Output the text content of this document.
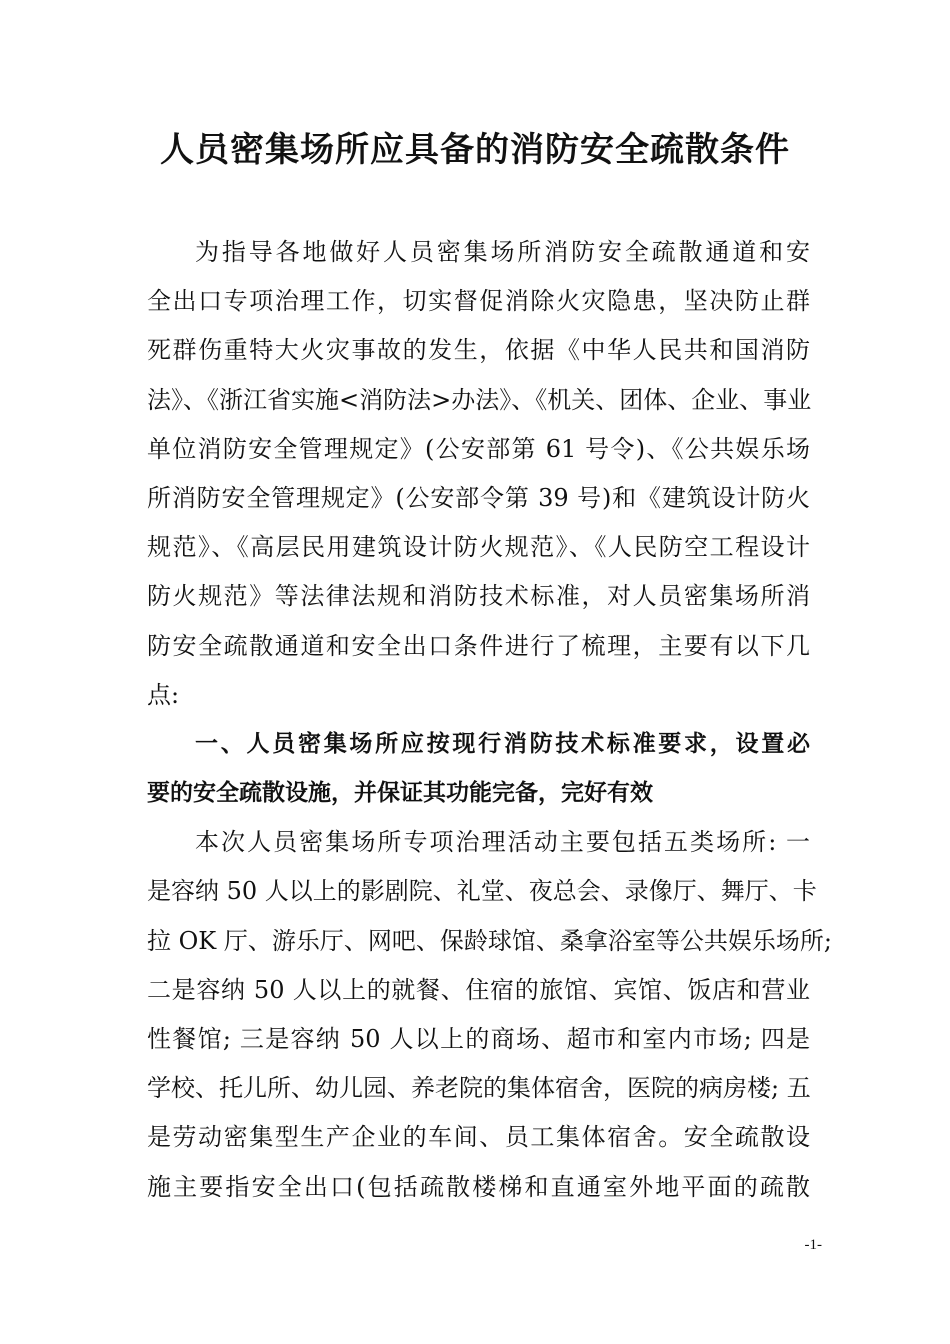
人员密集场所应具备的消防安全疏散条件
为指导各地做好人员密集场所消防安全疏散通道和安
全出口专项治理工作，切实督促消除火灾隐患，坚决防止群
死群伤重特大火灾事故的发生，依据《中华人民共和国消防
法》、《浙江省实施<消防法>办法》、《机关、团体、企业、事业
单位消防安全管理规定》(公安部第 61 号令)、《公共娱乐场
所消防安全管理规定》(公安部令第 39 号)和《建筑设计防火
规范》、《高层民用建筑设计防火规范》、《人民防空工程设计
防火规范》等法律法规和消防技术标准，对人员密集场所消
防安全疏散通道和安全出口条件进行了梳理，主要有以下几
点:
一、人员密集场所应按现行消防技术标准要求，设置必
要的安全疏散设施，并保证其功能完备，完好有效
本次人员密集场所专项治理活动主要包括五类场所: 一
是容纳 50 人以上的影剧院、礼堂、夜总会、录像厅、舞厅、卡
拉 OK 厅、游乐厅、网吧、保龄球馆、桑拿浴室等公共娱乐场所;
二是容纳 50 人以上的就餐、住宿的旅馆、宾馆、饭店和营业
性餐馆; 三是容纳 50 人以上的商场、超市和室内市场; 四是
学校、托儿所、幼儿园、养老院的集体宿舍，医院的病房楼; 五
是劳动密集型生产企业的车间、员工集体宿舍。安全疏散设
施主要指安全出口(包括疏散楼梯和直通室外地平面的疏散
-1-
